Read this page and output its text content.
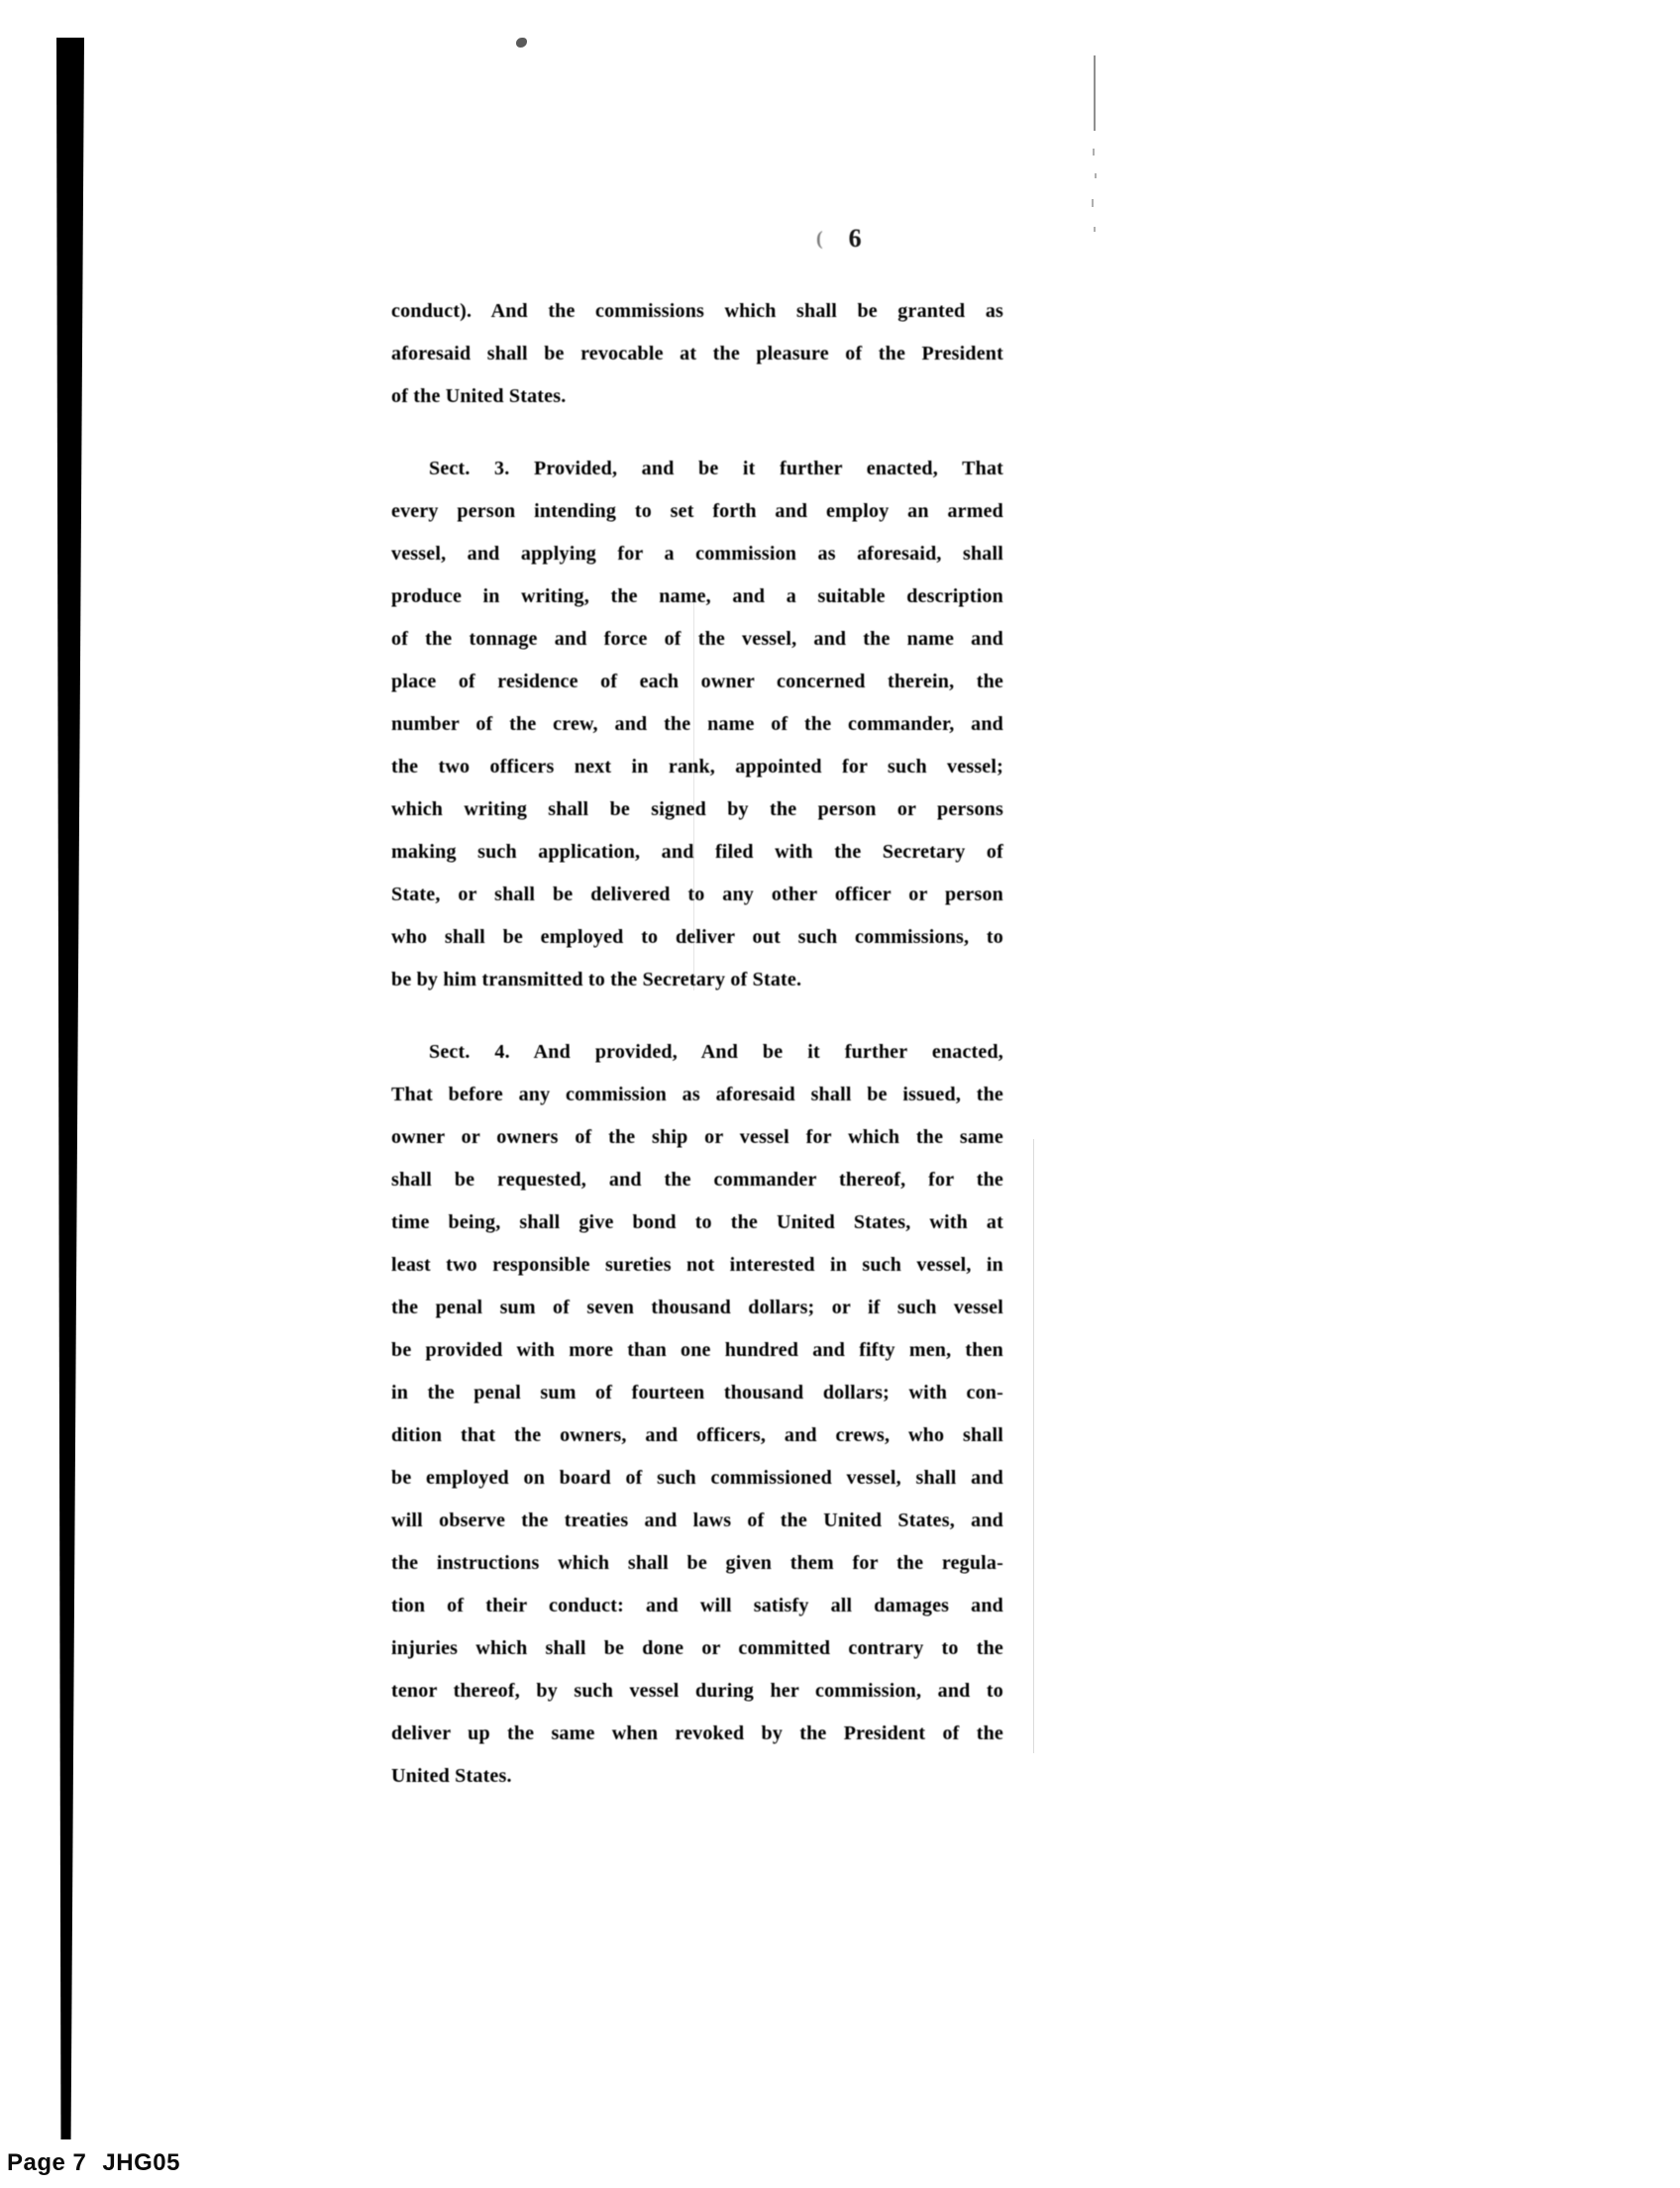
( 6
conduct). And the commissions which shall be granted as
aforesaid shall be revocable at the pleasure of the President
of the United States.
Sect. 3. Provided, and be it further enacted, That
every person intending to set forth and employ an armed
vessel, and applying for a commission as aforesaid, shall
produce in writing, the name, and a suitable description
of the tonnage and force of the vessel, and the name and
place of residence of each owner concerned therein, the
number of the crew, and the name of the commander, and
the two officers next in rank, appointed for such vessel;
which writing shall be signed by the person or persons
making such application, and filed with the Secretary of
State, or shall be delivered to any other officer or person
who shall be employed to deliver out such commissions, to
be by him transmitted to the Secretary of State.
Sect. 4. And provided, And be it further enacted,
That before any commission as aforesaid shall be issued, the
owner or owners of the ship or vessel for which the same
shall be requested, and the commander thereof, for the
time being, shall give bond to the United States, with at
least two responsible sureties not interested in such vessel, in
the penal sum of seven thousand dollars; or if such vessel
be provided with more than one hundred and fifty men, then
in the penal sum of fourteen thousand dollars; with con-
dition that the owners, and officers, and crews, who shall
be employed on board of such commissioned vessel, shall and
will observe the treaties and laws of the United States, and
the instructions which shall be given them for the regula-
tion of their conduct: and will satisfy all damages and
injuries which shall be done or committed contrary to the
tenor thereof, by such vessel during her commission, and to
deliver up the same when revoked by the President of the
United States.
Page 7 JHG05
